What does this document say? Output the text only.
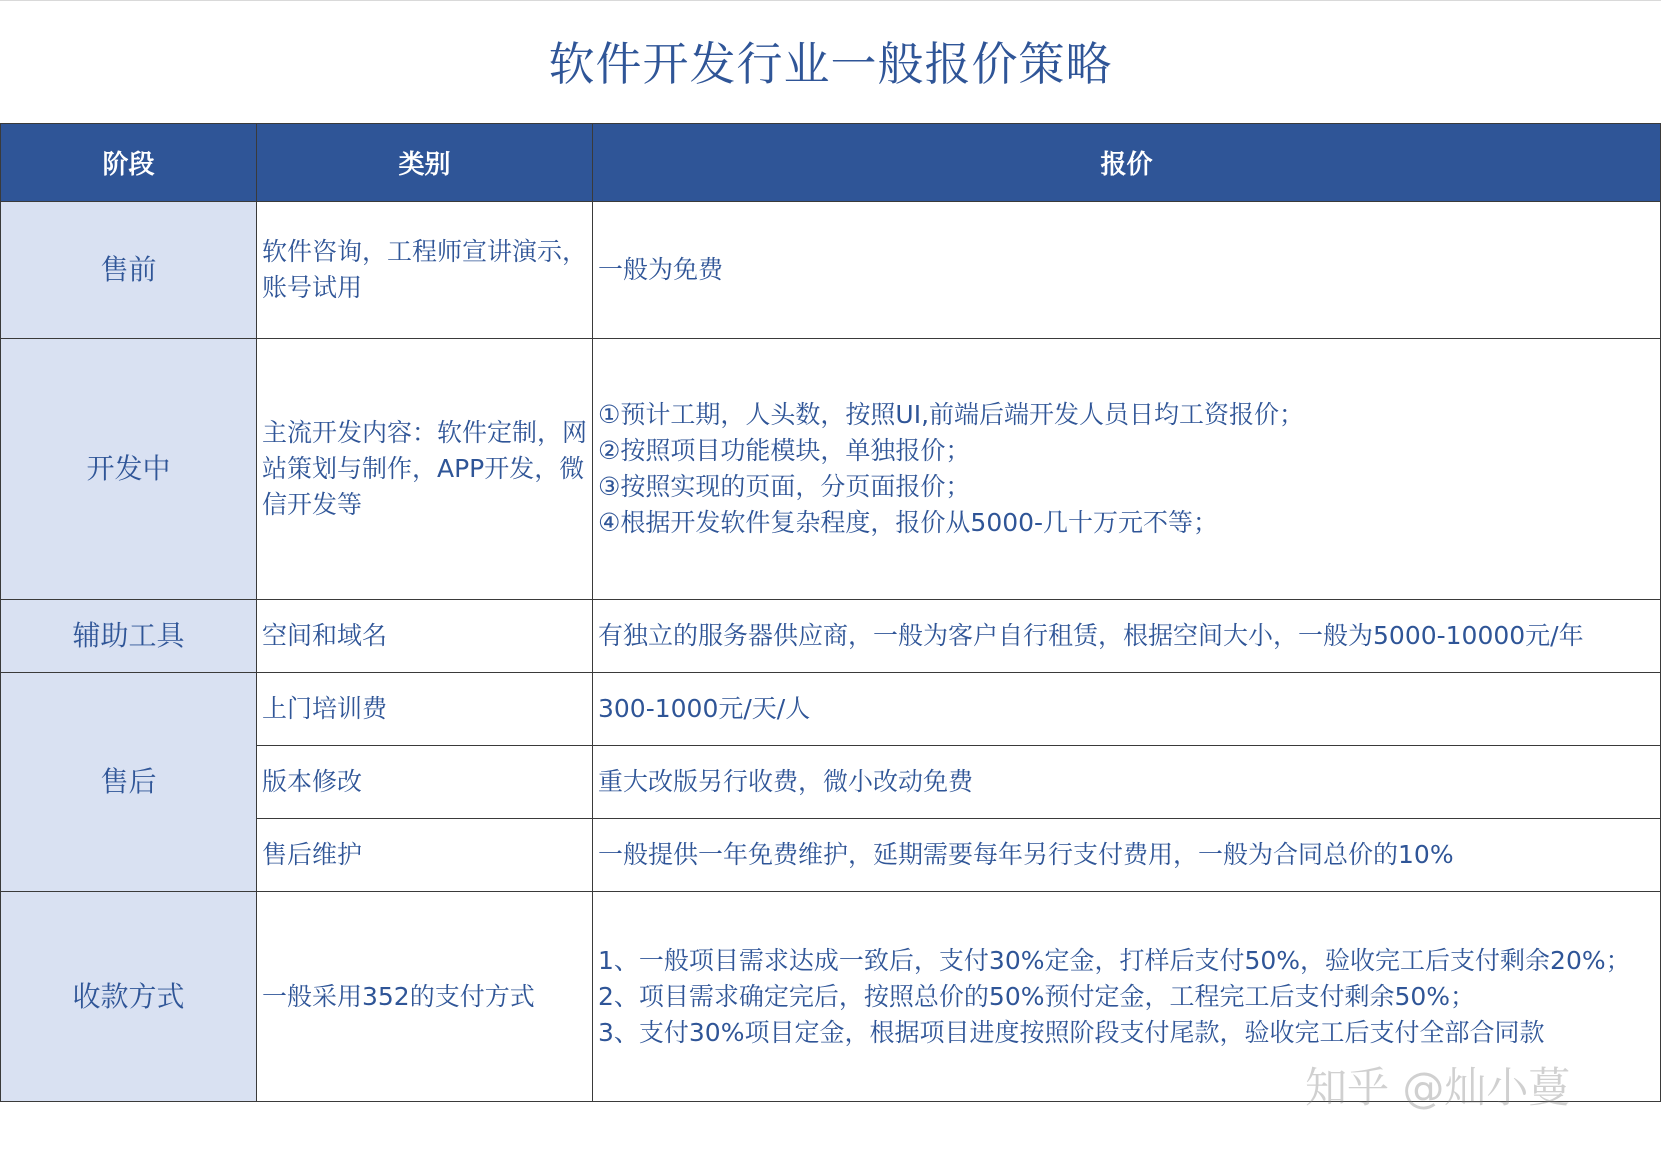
软件开发行业一般报价策略
阶段	类别	报价
售前	软件咨询，工程师宣讲演示，账号试用	一般为免费
开发中	主流开发内容：软件定制，网站策划与制作，APP开发，微信开发等	①预计工期，人头数，按照UI,前端后端开发人员日均工资报价；
②按照项目功能模块，单独报价；
③按照实现的页面，分页面报价；
④根据开发软件复杂程度，报价从5000-几十万元不等；

辅助工具	空间和域名	有独立的服务器供应商，一般为客户自行租赁，根据空间大小，一般为5000-10000元/年
售后	上门培训费	300-1000元/天/人
	版本修改	重大改版另行收费，微小改动免费
	售后维护	一般提供一年免费维护，延期需要每年另行支付费用，一般为合同总价的10%
收款方式	一般采用352的支付方式	1、一般项目需求达成一致后，支付30%定金，打样后支付50%，验收完工后支付剩余20%；
2、项目需求确定完后，按照总价的50%预付定金，工程完工后支付剩余50%；
3、支付30%项目定金，根据项目进度按照阶段支付尾款，验收完工后支付全部合同款
知乎 @灿小蔓
